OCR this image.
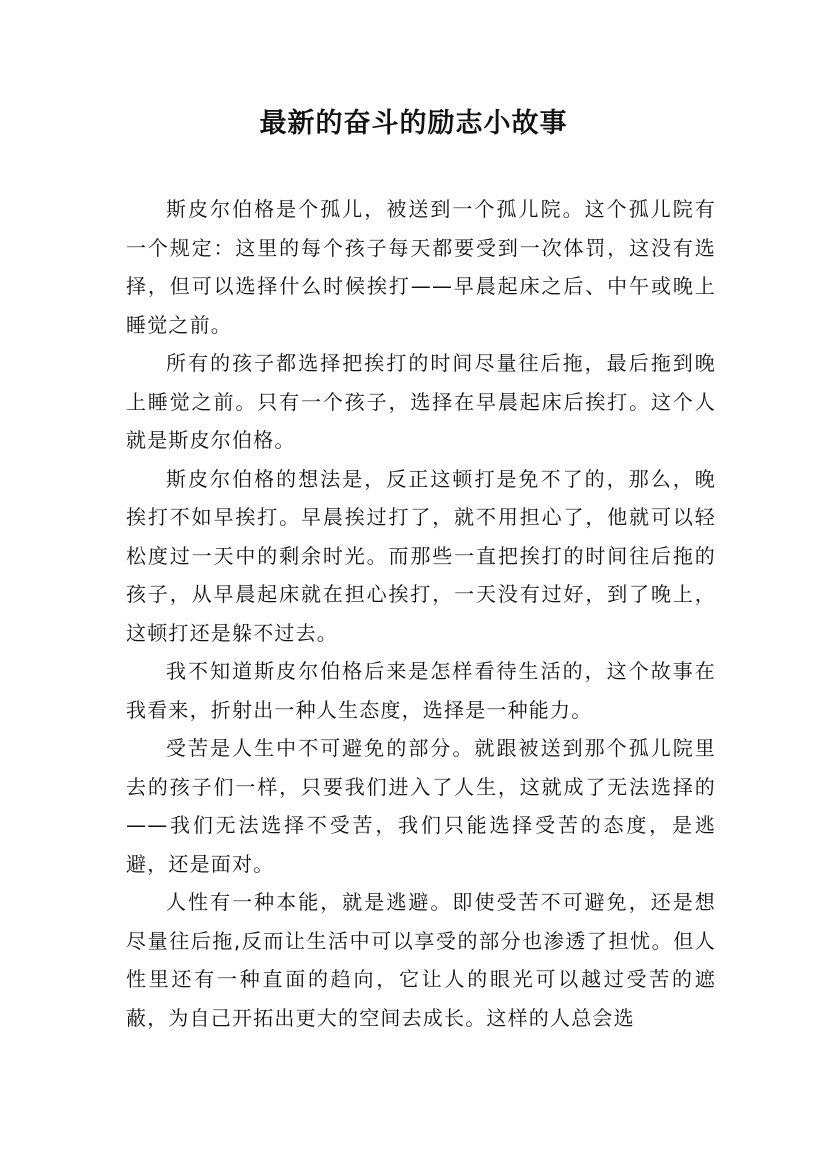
最新的奋斗的励志小故事

斯皮尔伯格是个孤儿，被送到一个孤儿院。这个孤儿院有一个规定：这里的每个孩子每天都要受到一次体罚，这没有选择，但可以选择什么时候挨打——早晨起床之后、中午或晚上睡觉之前。

所有的孩子都选择把挨打的时间尽量往后拖，最后拖到晚上睡觉之前。只有一个孩子，选择在早晨起床后挨打。这个人就是斯皮尔伯格。

斯皮尔伯格的想法是，反正这顿打是免不了的，那么，晚挨打不如早挨打。早晨挨过打了，就不用担心了，他就可以轻松度过一天中的剩余时光。而那些一直把挨打的时间往后拖的孩子，从早晨起床就在担心挨打，一天没有过好，到了晚上，这顿打还是躲不过去。

我不知道斯皮尔伯格后来是怎样看待生活的，这个故事在我看来，折射出一种人生态度，选择是一种能力。

受苦是人生中不可避免的部分。就跟被送到那个孤儿院里去的孩子们一样，只要我们进入了人生，这就成了无法选择的——我们无法选择不受苦，我们只能选择受苦的态度，是逃避，还是面对。

人性有一种本能，就是逃避。即使受苦不可避免，还是想尽量往后拖,反而让生活中可以享受的部分也渗透了担忧。但人性里还有一种直面的趋向，它让人的眼光可以越过受苦的遮蔽，为自己开拓出更大的空间去成长。这样的人总会选
